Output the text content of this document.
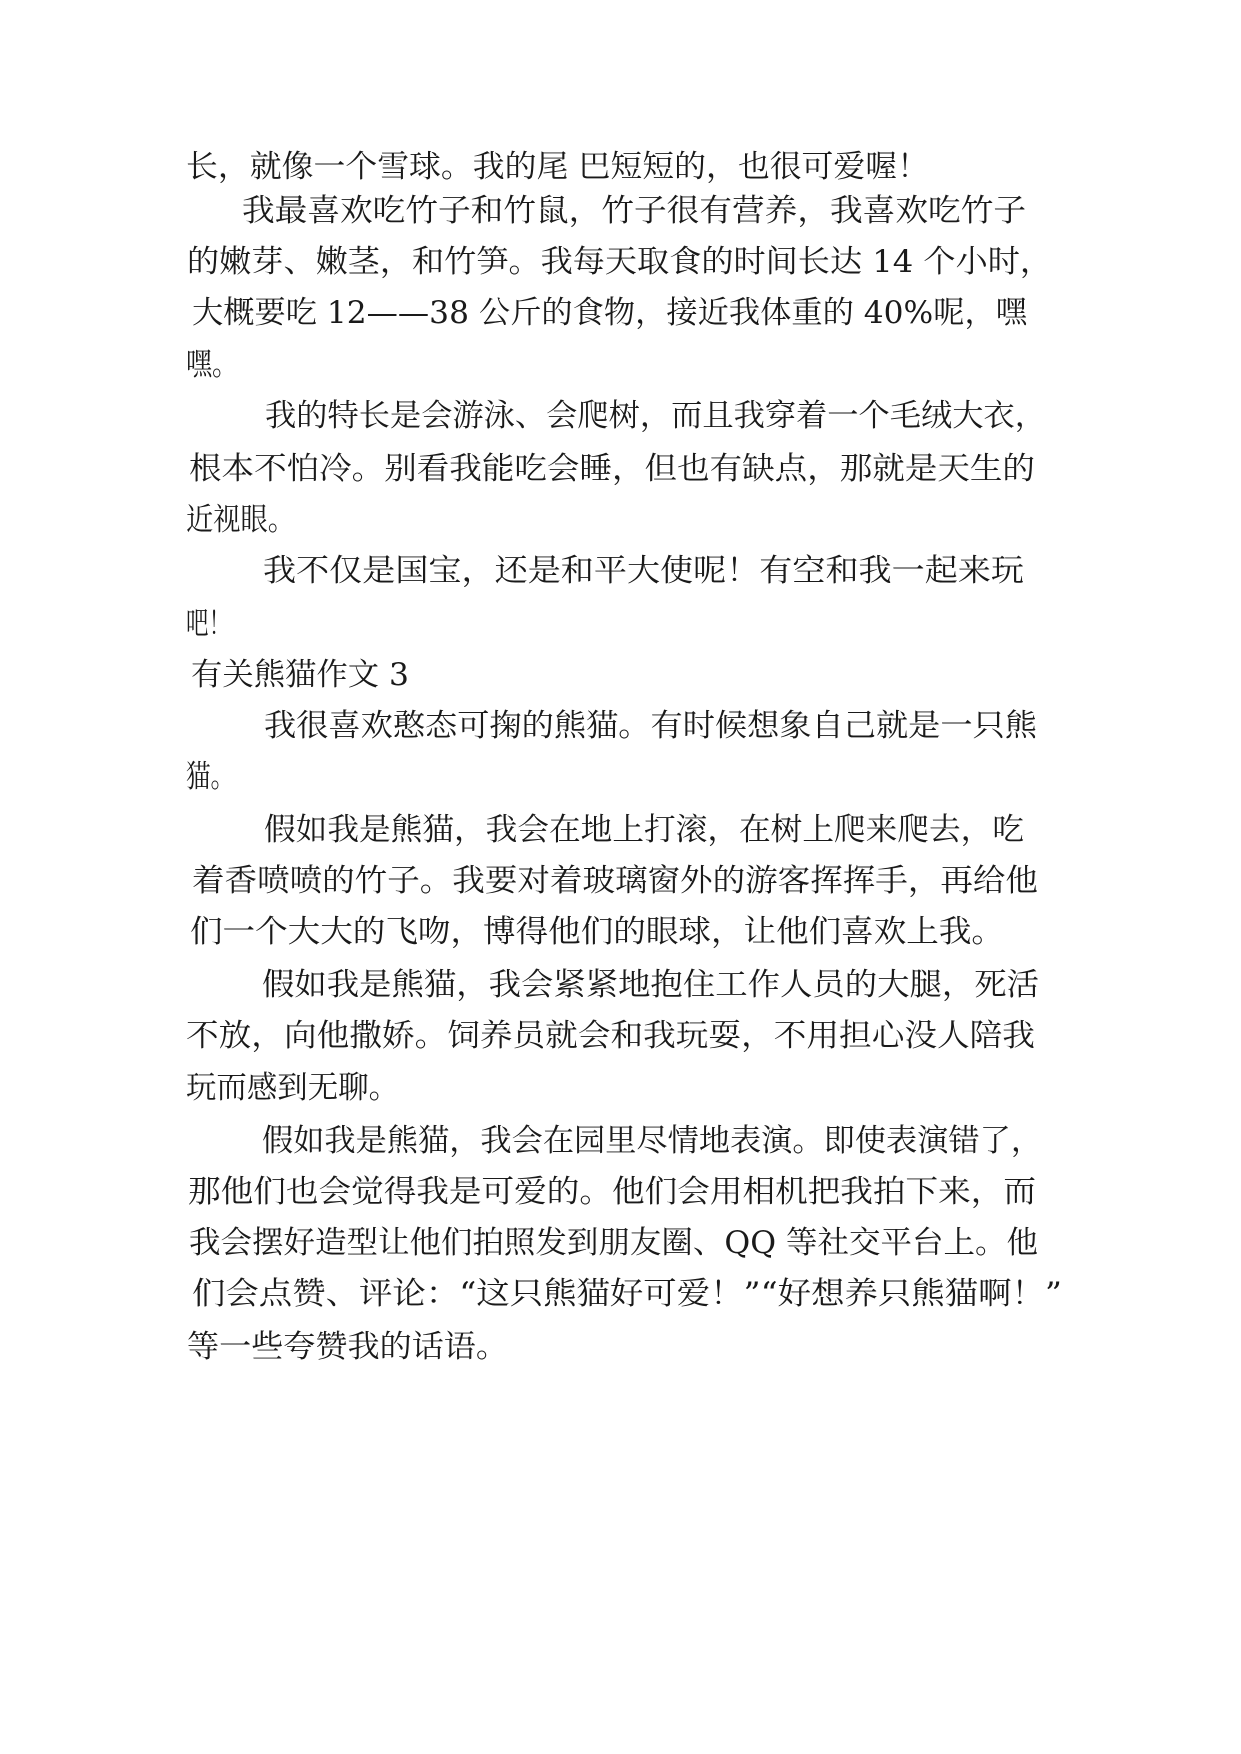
长，就像一个雪球。我的尾 巴短短的，也很可爱喔！
我最喜欢吃竹子和竹鼠，竹子很有营养，我喜欢吃竹子
的嫩芽、嫩茎，和竹笋。我每天取食的时间长达 14 个小时，
大概要吃 12——38 公斤的食物，接近我体重的 40%呢，嘿
嘿。
我的特长是会游泳、会爬树，而且我穿着一个毛绒大衣，
根本不怕冷。别看我能吃会睡，但也有缺点，那就是天生的
近视眼。
我不仅是国宝，还是和平大使呢！有空和我一起来玩
吧！
有关熊猫作文 3
我很喜欢憨态可掬的熊猫。有时候想象自己就是一只熊
猫。
假如我是熊猫，我会在地上打滚，在树上爬来爬去，吃
着香喷喷的竹子。我要对着玻璃窗外的游客挥挥手，再给他
们一个大大的飞吻，博得他们的眼球，让他们喜欢上我。
假如我是熊猫，我会紧紧地抱住工作人员的大腿，死活
不放，向他撒娇。饲养员就会和我玩耍，不用担心没人陪我
玩而感到无聊。
假如我是熊猫，我会在园里尽情地表演。即使表演错了，
那他们也会觉得我是可爱的。他们会用相机把我拍下来，而
我会摆好造型让他们拍照发到朋友圈、QQ 等社交平台上。他
们会点赞、评论：“这只熊猫好可爱！”“好想养只熊猫啊！”
等一些夸赞我的话语。
